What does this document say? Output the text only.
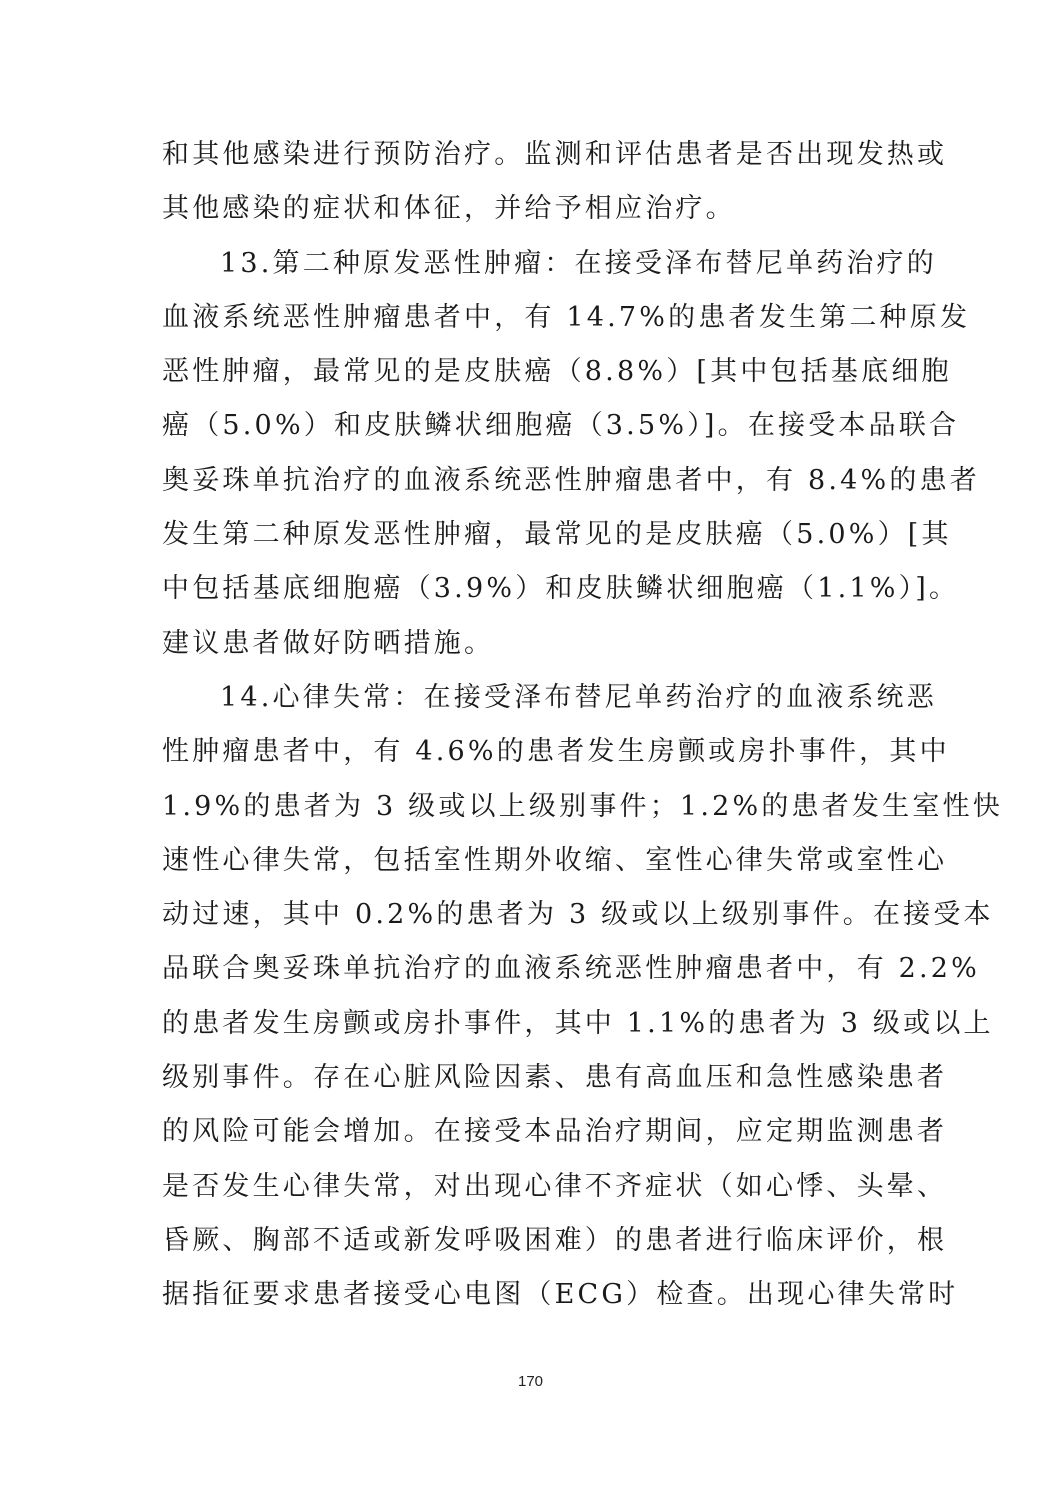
和其他感染进行预防治疗。监测和评估患者是否出现发热或
其他感染的症状和体征，并给予相应治疗。
13.第二种原发恶性肿瘤：在接受泽布替尼单药治疗的
血液系统恶性肿瘤患者中，有 14.7%的患者发生第二种原发
恶性肿瘤，最常见的是皮肤癌（8.8%）[其中包括基底细胞
癌（5.0%）和皮肤鳞状细胞癌（3.5%）]。在接受本品联合
奥妥珠单抗治疗的血液系统恶性肿瘤患者中，有 8.4%的患者
发生第二种原发恶性肿瘤，最常见的是皮肤癌（5.0%）[其
中包括基底细胞癌（3.9%）和皮肤鳞状细胞癌（1.1%）]。
建议患者做好防晒措施。
14.心律失常：在接受泽布替尼单药治疗的血液系统恶
性肿瘤患者中，有 4.6%的患者发生房颤或房扑事件，其中
1.9%的患者为 3 级或以上级别事件；1.2%的患者发生室性快
速性心律失常，包括室性期外收缩、室性心律失常或室性心
动过速，其中 0.2%的患者为 3 级或以上级别事件。在接受本
品联合奥妥珠单抗治疗的血液系统恶性肿瘤患者中，有 2.2%
的患者发生房颤或房扑事件，其中 1.1%的患者为 3 级或以上
级别事件。存在心脏风险因素、患有高血压和急性感染患者
的风险可能会增加。在接受本品治疗期间，应定期监测患者
是否发生心律失常，对出现心律不齐症状（如心悸、头晕、
昏厥、胸部不适或新发呼吸困难）的患者进行临床评价，根
据指征要求患者接受心电图（ECG）检查。出现心律失常时
170
